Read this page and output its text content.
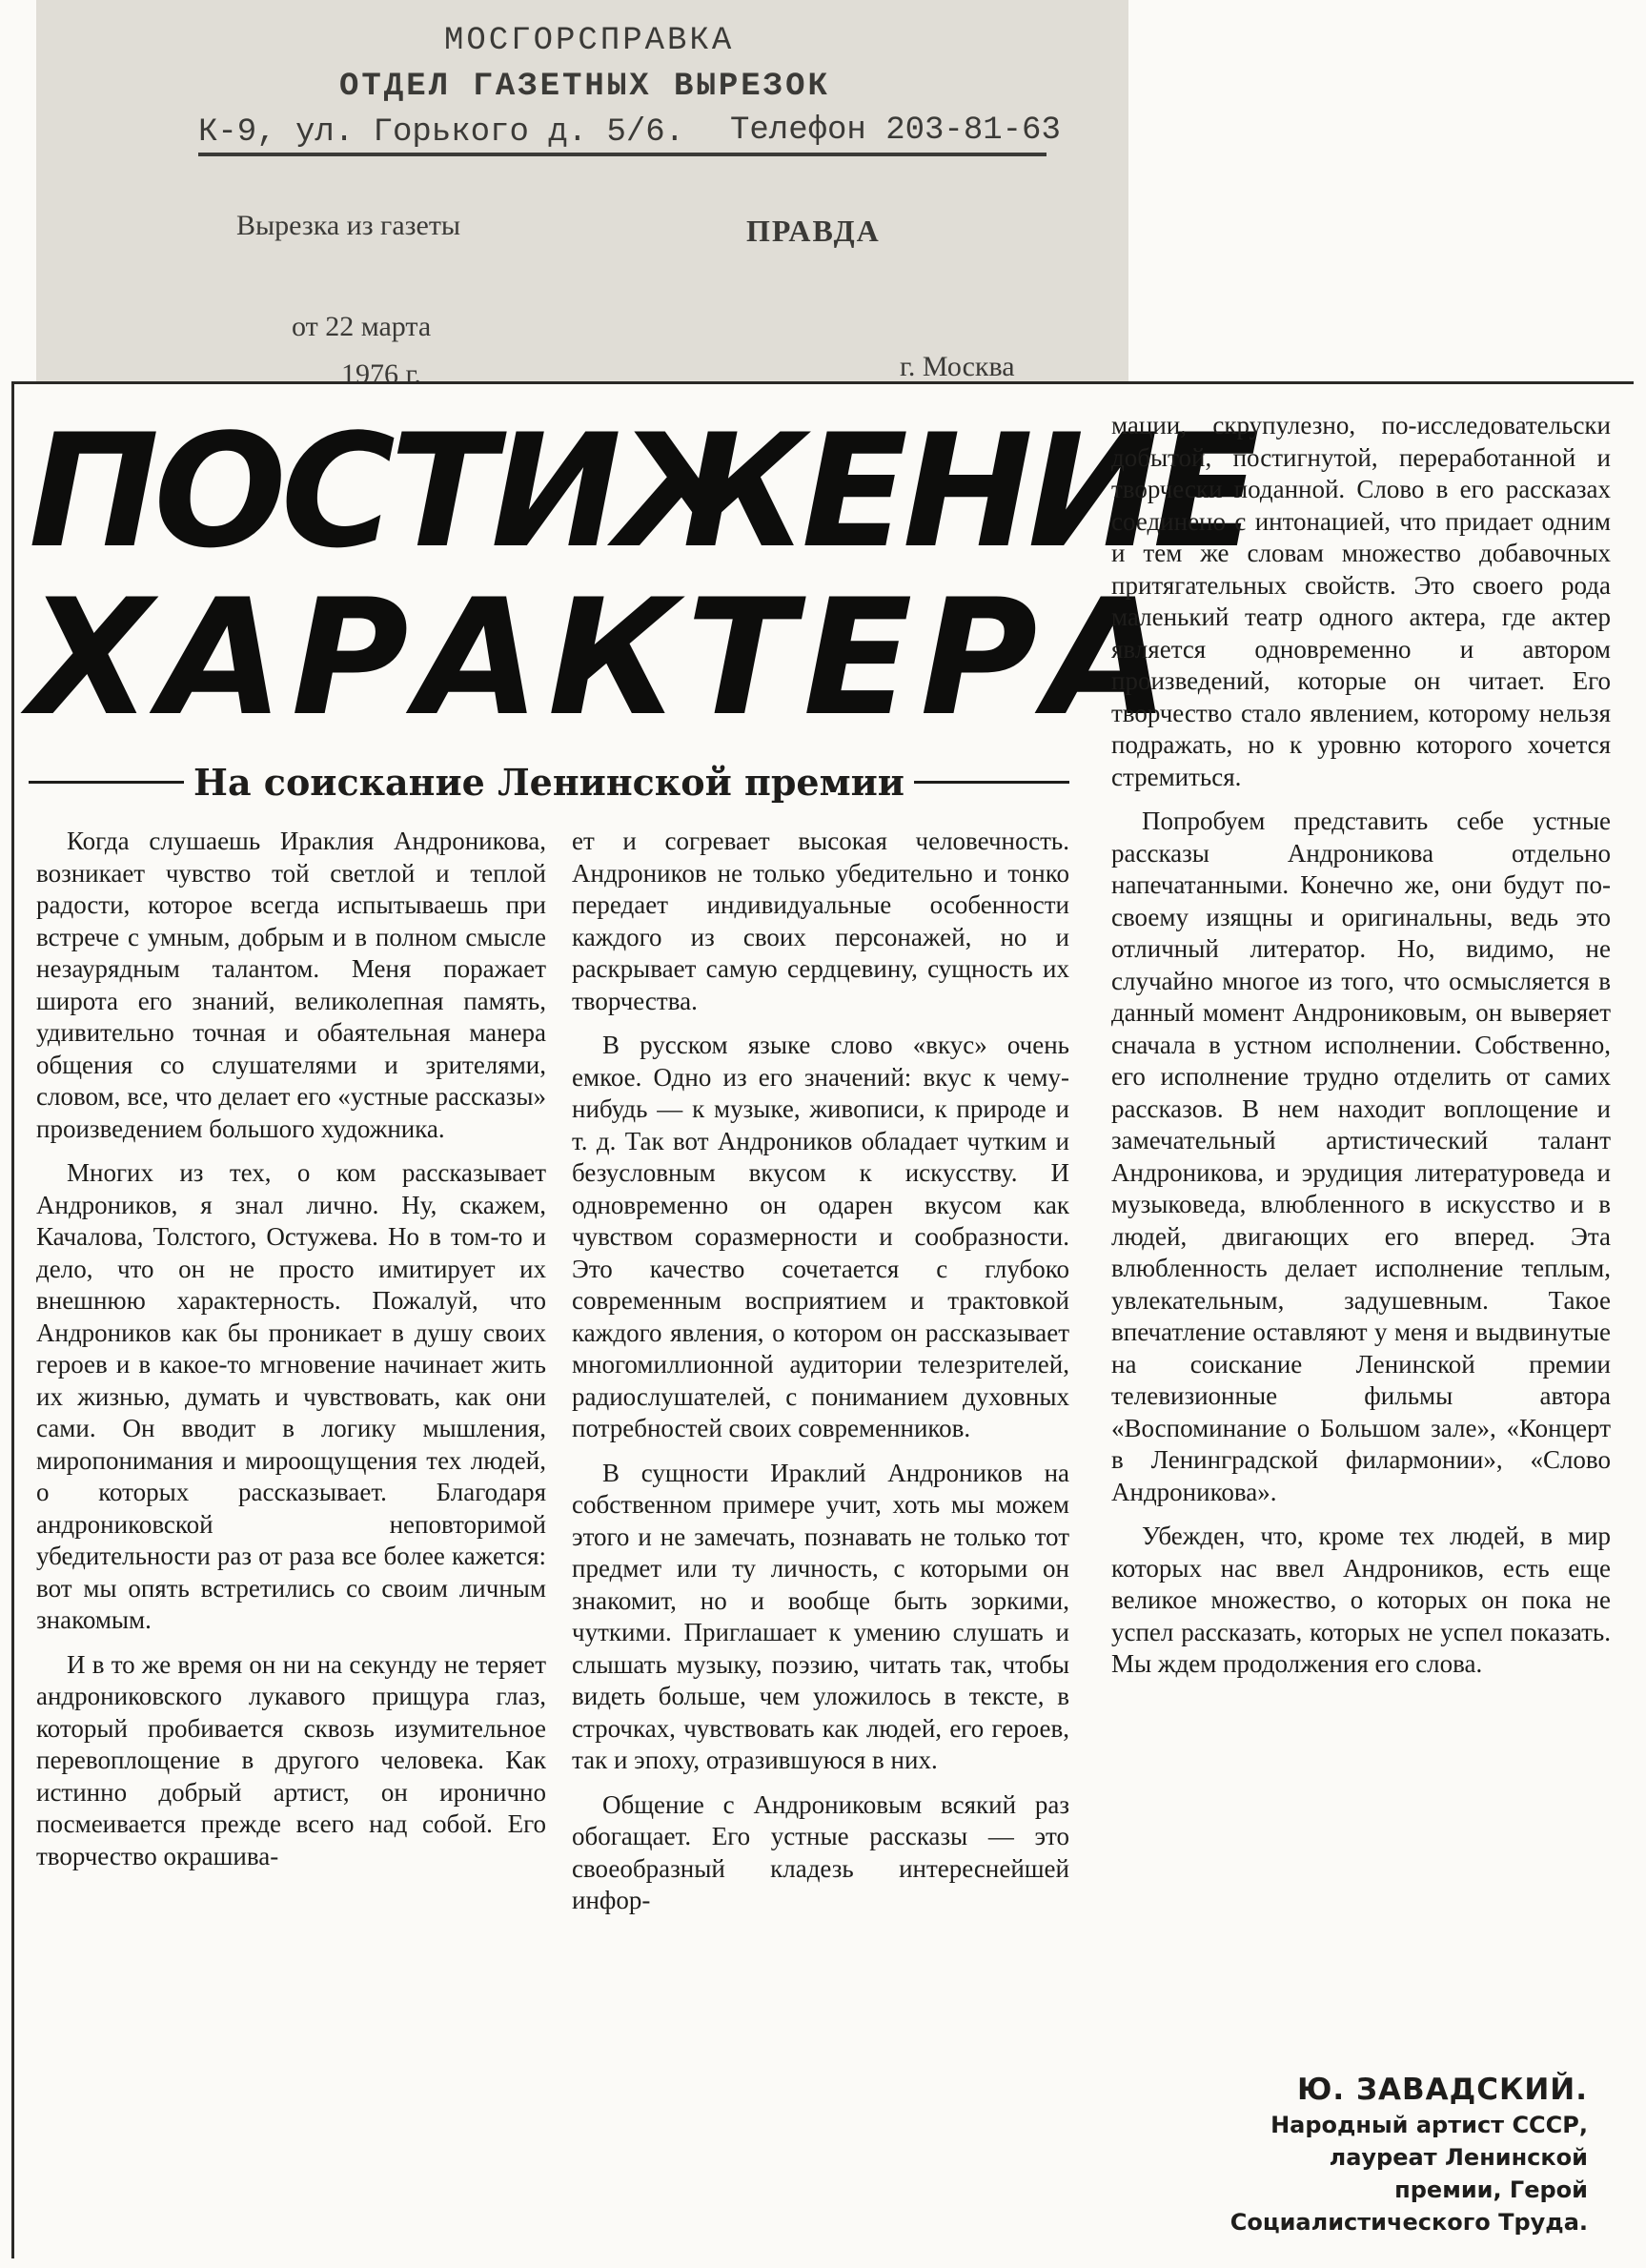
МОСГОРСПРАВКА
ОТДЕЛ ГАЗЕТНЫХ ВЫРЕЗОК
К-9, ул. Горького д. 5/6. Телефон 203-81-63
Вырезка из газеты	ПРАВДА
от 22 марта
1976 г.	г. Москва
ПОСТИЖЕНИЕ
ХАРАКТЕРА
На соискание Ленинской премии

Когда слушаешь Ираклия Андроникова, возникает чувство той светлой и теплой радости, которое всегда испытываешь при встрече с умным, добрым и в полном смысле незаурядным талантом. Меня поражает широта его знаний, великолепная память, удивительно точная и обаятельная манера общения со слушателями и зрителями, словом, все, что делает его «устные рассказы» произведением большого художника.

Многих из тех, о ком рассказывает Андроников, я знал лично. Ну, скажем, Качалова, Толстого, Остужева. Но в том-то и дело, что он не просто имитирует их внешнюю характерность. Пожалуй, что Андроников как бы проникает в душу своих героев и в какое-то мгновение начинает жить их жизнью, думать и чувствовать, как они сами. Он вводит в логику мышления, миропонимания и мироощущения тех людей, о которых рассказывает. Благодаря андрониковской неповторимой убедительности раз от раза все более кажется: вот мы опять встретились со своим личным знакомым.

И в то же время он ни на секунду не теряет андрониковского лукавого прищура глаз, который пробивается сквозь изумительное перевоплощение в другого человека. Как истинно добрый артист, он иронично посмеивается прежде всего над собой. Его творчество окрашива-

ет и согревает высокая человечность. Андроников не только убедительно и тонко передает индивидуальные особенности каждого из своих персонажей, но и раскрывает самую сердцевину, сущность их творчества.

В русском языке слово «вкус» очень емкое. Одно из его значений: вкус к чему-нибудь — к музыке, живописи, к природе и т. д. Так вот Андроников обладает чутким и безусловным вкусом к искусству. И одновременно он одарен вкусом как чувством соразмерности и сообразности. Это качество сочетается с глубоко современным восприятием и трактовкой каждого явления, о котором он рассказывает многомиллионной аудитории телезрителей, радиослушателей, с пониманием духовных потребностей своих современников.

В сущности Ираклий Андроников на собственном примере учит, хоть мы можем этого и не замечать, познавать не только тот предмет или ту личность, с которыми он знакомит, но и вообще быть зоркими, чуткими. Приглашает к умению слушать и слышать музыку, поэзию, читать так, чтобы видеть больше, чем уложилось в тексте, в строчках, чувствовать как людей, его героев, так и эпоху, отразившуюся в них.

Общение с Андрониковым всякий раз обогащает. Его устные рассказы — это своеобразный кладезь интереснейшей инфор-

мации, скрупулезно, по-исследовательски добытой, постигнутой, переработанной и творчески поданной. Слово в его рассказах соединено с интонацией, что придает одним и тем же словам множество добавочных притягательных свойств. Это своего рода маленький театр одного актера, где актер является одновременно и автором произведений, которые он читает. Его творчество стало явлением, которому нельзя подражать, но к уровню которого хочется стремиться.

Попробуем представить себе устные рассказы Андроникова отдельно напечатанными. Конечно же, они будут по-своему изящны и оригинальны, ведь это отличный литератор. Но, видимо, не случайно многое из того, что осмысляется в данный момент Андрониковым, он выверяет сначала в устном исполнении. Собственно, его исполнение трудно отделить от самих рассказов. В нем находит воплощение и замечательный артистический талант Андроникова, и эрудиция литературоведа и музыковеда, влюбленного в искусство и в людей, двигающих его вперед. Эта влюбленность делает исполнение теплым, увлекательным, задушевным. Такое впечатление оставляют у меня и выдвинутые на соискание Ленинской премии телевизионные фильмы автора «Воспоминание о Большом зале», «Концерт в Ленинградской филармонии», «Слово Андроникова».

Убежден, что, кроме тех людей, в мир которых нас ввел Андроников, есть еще великое множество, о которых он пока не успел рассказать, которых не успел показать. Мы ждем продолжения его слова.

Ю. ЗАВАДСКИЙ.
Народный артист СССР,
лауреат Ленинской
премии, Герой
Социалистического Труда.
